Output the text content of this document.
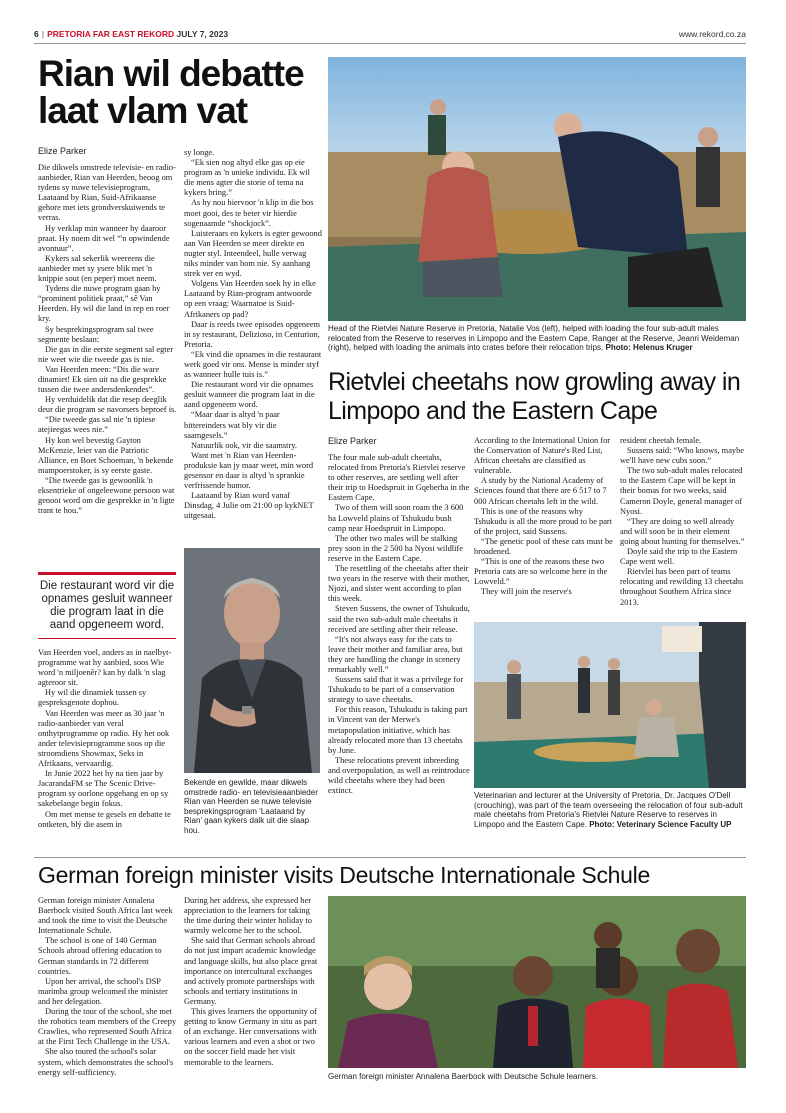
6 | PRETORIA FAR EAST REKORD JULY 7, 2023	www.rekord.co.za
Rian wil debatte laat vlam vat
Elize Parker

Die dikwels omstrede televisie- en radio-aanbieder, Rian van Heerden, beoog om tydens sy nuwe televisieprogram, Laataand by Rian, Suid-Afrikaanse gehore met iets grondverskuiwends te verras.

Hy verklap min wanneer hy daaroor praat. Hy noem dit wel “'n opwindende avontuur”.

Kykers sal sekerlik weereens die aanbieder met sy ysere blik met 'n knippie sout (en peper) moet neem.

Tydens die nuwe program gaan hy “prominent politiek praat,” sê Van Heerden. Hy wil die land in rep en roer kry.

Sy besprekingsprogram sal twee segmente beslaan:

Die gas in die eerste segment sal egter nie weet wie die tweede gas is nie.

Van Heerden meen: “Dis die ware dinamiet! Ek sien uit na die gesprekke tussen die twee andersdenkendes”.

Hy verduidelik dat die resep deeglik deur die program se navorsers beproef is.

“Die tweede gas sal nie 'n tipiese atejieegas wees nie.”

Hy kon wel bevestig Gayton McKenzie, leier van die Patriotic Alliance, en Boet Schoeman, 'n bekende mampoerstoker, is sy eerste gaste.

“Die tweede gas is gewoonlik 'n eksentrieke of ongeleewone persoon wat genooi word om die gesprekke in 'n ligte trant te hou.”

Die restaurant word vir die opnames gesluit wanneer die program laat in die aand opgeneem word.

Van Heerden voel, anders as in naelbyt-programme wat hy aanbied, soos Wie word 'n miljoenêr? kan hy dalk 'n slag agteroor sit.

Hy wil die dinamiek tussen sy gespreksgenote dophou.

Van Heerden was meer as 30 jaar 'n radio-aanbieder van veral onthytprogramme op radio. Hy het ook ander televisieprogramme soos op die stroomdiens Showmax, Seks in Afrikaans, vervaardig.

In Junie 2022 het hy na tien jaar by JacarandaFM se The Scenic Drive-program sy oorlone opgehang en op sy sakebelange begin fokus.

Om met mense te gesels en debatte te ontketen, blý die asem in

sy longe.

“Ek sien nog altyd elke gas op eie program as 'n unieke individu. Ek wil die mens agter die storie of tema na kykers bring.”

As hy nou hiervoor 'n klip in die bos moet gooi, des te beter vir hierdie sogenaamde “shockjock”.

Luisteraars en kykers is egter gewoond aan Van Heerden se meer direkte en nugter styl. Inteendeel, hulle verwag niks minder van hom nie. Sy aanhang strek ver en wyd.

Volgens Van Heerden soek hy in elke Laataand by Rian-program antwoorde op een vraag: Waarnatoe is Suid-Afrikaners op pad?

Daar is reeds twee episodes opgeneem in sy restaurant, Delizioso, in Centurion, Pretoria.

“Ek vind die opnames in die restaurant werk goed vir ons. Mense is minder styf as wanneer hulle tuis is.”

Die restaurant word vir die opnames gesluit wanneer die program laat in die aand opgeneem word.

“Maar daar is altyd 'n paar bittereinders wat bly vir die saamgesels.”

Natuurlik ook, vir die saamstry.

Want met 'n Rian van Heerden-produksie kan jy maar weet, min word gesensor en daar is altyd 'n sprankie verfrissende humor.

Laataand by Rian word vanaf Dinsdag, 4 Julie om 21:00 op kykNET uitgesaai.

Bekende en gewilde, maar dikwels omstrede radio- en televisieaanbieder Rian van Heerden se nuwe televisie besprekingsprogram ‘Laataand by Rian’ gaan kykers dalk uit die slaap hou.
Head of the Rietvlei Nature Reserve in Pretoria, Natalie Vos (left), helped with loading the four sub-adult males relocated from the Reserve to reserves in Limpopo and the Eastern Cape. Ranger at the Reserve, Jeanri Weideman (right), helped with loading the animals into crates before their relocation trips. Photo: Helenus Kruger
Rietvlei cheetahs now growling away in Limpopo and the Eastern Cape
Elize Parker

The four male sub-adult cheetahs, relocated from Pretoria's Rietvlei reserve to other reserves, are settling well after their trip to Hoedspruit in Gqeberha in the Eastern Cape.

Two of them will soon roam the 3 600 ha Lowveld plains of Tshukudu bush camp near Hoedspruit in Limpopo.

The other two males will be stalking prey soon in the 2 500 ha Nyosi wildlife reserve in the Eastern Cape.

The resettling of the cheetahs after their two years in the reserve with their mother, Njozi, and sister went according to plan this week.

Steven Sussens, the owner of Tshukudu, said the two sub-adult male cheetahs it received are settling after their release.

“It's not always easy for the cats to leave their mother and familiar area, but they are handling the change in scenery remarkably well.”

Sussens said that it was a privilege for Tshukudu to be part of a conservation strategy to save cheetahs.

For this reason, Tshukudu is taking part in Vincent van der Merwe's metapopulation initiative, which has already relocated more than 13 cheetahs by June.

These relocations prevent inbreeding and overpopulation, as well as reintroduce wild cheetahs where they had been extinct.

According to the International Union for the Conservation of Nature's Red List, African cheetahs are classified as vulnerable.

A study by the National Academy of Sciences found that there are 6 517 to 7 000 African cheetahs left in the wild.

This is one of the reasons why Tshukudu is all the more proud to be part of the project, said Sussens.

“The genetic pool of these cats must be broadened.

“This is one of the reasons these two Pretoria cats are so welcome here in the Lowveld.”

They will join the reserve's

resident cheetah female.

Sussens said: “Who knows, maybe we'll have new cubs soon.”

The two sub-adult males relocated to the Eastern Cape will be kept in their bomas for two weeks, said Cameron Doyle, general manager of Nyosi.

“They are doing so well already and will soon be in their element going about hunting for themselves.”

Doyle said the trip to the Eastern Cape went well.

Rietvlei has been part of teams relocating and rewilding 13 cheetahs throughout Southern Africa since 2013.

Veterinarian and lecturer at the University of Pretoria, Dr. Jacques O'Dell (crouching), was part of the team overseeing the relocation of four sub-adult male cheetahs from Pretoria's Rietvlei Nature Reserve to reserves in Limpopo and the Eastern Cape. Photo: Veterinary Science Faculty UP
German foreign minister visits Deutsche Internationale Schule

German foreign minister Annalena Baerbock visited South Africa last week and took the time to visit the Deutsche Internationale Schule.

The school is one of 140 German Schools abroad offering education to German standards in 72 different countries.

Upon her arrival, the school's DSP marimba group welcomed the minister and her delegation.

During the tour of the school, she met the robotics team members of the Creepy Crawlies, who represented South Africa at the First Tech Challenge in the USA.

She also toured the school's solar system, which demonstrates the school's energy self-sufficiency.

During her address, she expressed her appreciation to the learners for taking the time during their winter holiday to warmly welcome her to the school.

She said that German schools abroad do not just impart academic knowledge and language skills, but also place great importance on intercultural exchanges and actively promote partnerships with schools and tertiary institutions in Germany.

This gives learners the opportunity of getting to know Germany in situ as part of an exchange. Her conversations with various learners and even a shot or two on the soccer field made her visit memorable to the learners.

German foreign minister Annalena Baerbock with Deutsche Schule learners.
